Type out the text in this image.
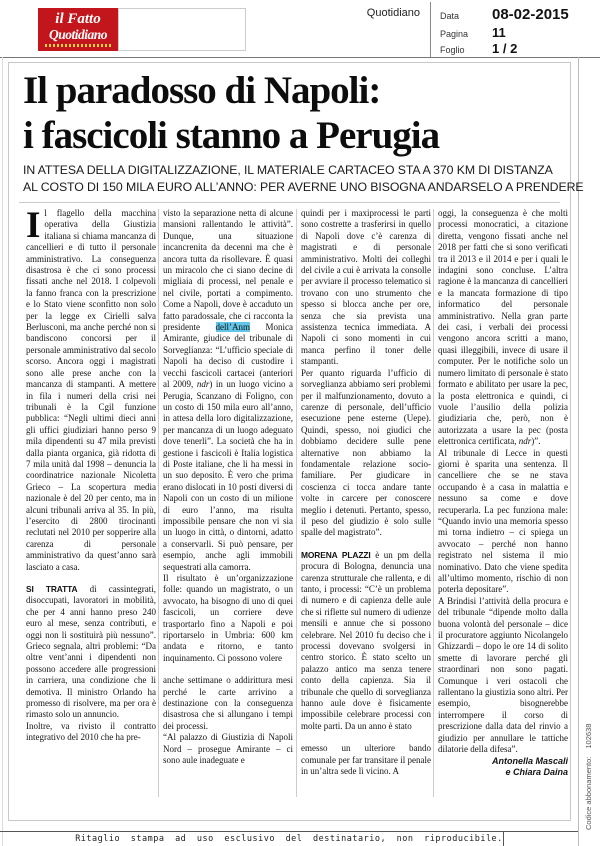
il Fatto
Quotidiano
Quotidiano Data 08-02-2015
Pagina 11
Foglio 1 / 2
Il paradosso di Napoli:
i fascicoli stanno a Perugia
IN ATTESA DELLA DIGITALIZZAZIONE, IL MATERIALE CARTACEO STA A 370 KM DI DISTANZA
AL COSTO DI 150 MILA EURO ALL’ANNO: PER AVERNE UNO BISOGNA ANDARSELO A PRENDERE

Il flagello della macchina operativa della Giustizia italiana si chiama mancanza di cancellieri e di tutto il personale amministrativo. La conseguenza disastrosa è che ci sono processi fissati anche nel 2018. I colpevoli la fanno franca con la prescrizione e lo Stato viene sconfitto non solo per la legge ex Cirielli salva Berlusconi, ma anche perché non si bandiscono concorsi per il personale amministrativo dal secolo scorso. Ancora oggi i magistrati sono alle prese anche con la mancanza di stampanti. A mettere in fila i numeri della crisi nei tribunali è la Cgil funzione pubblica: “Negli ultimi dieci anni gli uffici giudiziari hanno perso 9 mila dipendenti su 47 mila previsti dalla pianta organica, già ridotta di 7 mila unità dal 1998 – denuncia la coordinatrice nazionale Nicoletta Grieco – La scopertura media nazionale è del 20 per cento, ma in alcuni tribunali arriva al 35. In più, l’esercito di 2800 tirocinanti reclutati nel 2010 per sopperire alla carenza di personale amministrativo da quest’anno sarà lasciato a casa.

SI TRATTA di cassintegrati, disoccupati, lavoratori in mobilità, che per 4 anni hanno preso 240 euro al mese, senza contributi, e oggi non li sostituirà più nessuno”. Grieco segnala, altri problemi: “Da oltre vent’anni i dipendenti non possono accedere alle progressioni in carriera, una condizione che li demotiva. Il ministro Orlando ha promesso di risolvere, ma per ora è rimasto solo un annuncio.

Inoltre, va rivisto il contratto integrativo del 2010 che ha pre-

visto la separazione netta di alcune mansioni rallentando le attività”. Dunque, una situazione incancrenita da decenni ma che è ancora tutta da risollevare. È quasi un miracolo che ci siano decine di migliaia di processi, nel penale e nel civile, portati a compimento. Come a Napoli, dove è accaduto un fatto paradossale, che ci racconta la presidente dell’Anm Monica Amirante, giudice del tribunale di Sorveglianza: “L’ufficio speciale di Napoli ha deciso di custodire i vecchi fascicoli cartacei (anteriori al 2009, ndr) in un luogo vicino a Perugia, Scanzano di Foligno, con un costo di 150 mila euro all’anno, in attesa della loro digitalizzazione, per mancanza di un luogo adeguato dove tenerli”. La società che ha in gestione i fascicoli è Italia logistica di Poste italiane, che li ha messi in un suo deposito. È vero che prima erano dislocati in 10 posti diversi di Napoli con un costo di un milione di euro l’anno, ma risulta impossibile pensare che non vi sia un luogo in città, o dintorni, adatto a conservarli. Si può pensare, per esempio, anche agli immobili sequestrati alla camorra.

Il risultato è un’organizzazione folle: quando un magistrato, o un avvocato, ha bisogno di uno di quei fascicoli, un corriere deve trasportarlo fino a Napoli e poi riportarselo in Umbria: 600 km andata e ritorno, e tanto inquinamento. Ci possono volere

anche settimane o addirittura mesi perché le carte arrivino a destinazione con la conseguenza disastrosa che si allungano i tempi dei processi.

“Al palazzo di Giustizia di Napoli Nord – prosegue Amirante – ci sono aule inadeguate e

quindi per i maxiprocessi le parti sono costrette a trasferirsi in quello di Napoli dove c’è carenza di magistrati e di personale amministrativo. Molti dei colleghi del civile a cui è arrivata la consolle per avviare il processo telematico si trovano con uno strumento che spesso si blocca anche per ore, senza che sia prevista una assistenza tecnica immediata. A Napoli ci sono momenti in cui manca perfino il toner delle stampanti.

Per quanto riguarda l’ufficio di sorveglianza abbiamo seri problemi per il malfunzionamento, dovuto a carenze di personale, dell’ufficio esecuzione pene esterne (Uepe). Quindi, spesso, noi giudici che dobbiamo decidere sulle pene alternative non abbiamo la fondamentale relazione socio-familiare. Per giudicare in coscienza ci tocca andare tante volte in carcere per conoscere meglio i detenuti. Pertanto, spesso, il peso del giudizio è solo sulle spalle del magistrato”.

MORENA PLAZZI è un pm della procura di Bologna, denuncia una carenza strutturale che rallenta, e di tanto, i processi: “C’è un problema di numero e di capienza delle aule che si riflette sul numero di udienze mensili e annue che si possono celebrare. Nel 2010 fu deciso che i processi dovevano svolgersi in centro storico. È stato scelto un palazzo antico ma senza tenere conto della capienza. Sia il tribunale che quello di sorveglianza hanno aule dove è fisicamente impossibile celebrare processi con molte parti. Da un anno è stato

emesso un ulteriore bando comunale per far transitare il penale in un’altra sede lì vicino. A

oggi, la conseguenza è che molti processi monocratici, a citazione diretta, vengono fissati anche nel 2018 per fatti che si sono verificati tra il 2013 e il 2014 e per i quali le indagini sono concluse. L’altra ragione è la mancanza di cancellieri e la mancata formazione di tipo informatico del personale amministrativo. Nella gran parte dei casi, i verbali dei processi vengono ancora scritti a mano, quasi illeggibili, invece di usare il computer. Per le notifiche solo un numero limitato di personale è stato formato e abilitato per usare la pec, la posta elettronica e quindi, ci vuole l’ausilio della polizia giudiziaria che, però, non è autorizzata a usare la pec (posta elettronica certificata, ndr)”.

Al tribunale di Lecce in questi giorni è sparita una sentenza. Il cancelliere che se ne stava occupando è a casa in malattia e nessuno sa come e dove recuperarla. La pec funziona male: “Quando invio una memoria spesso mi torna indietro – ci spiega un avvocato – perché non hanno registrato nel sistema il mio nominativo. Dato che viene spedita all’ultimo momento, rischio di non poterla depositare”.

A Brindisi l’attività della procura e del tribunale “dipende molto dalla buona volontà del personale – dice il procuratore aggiunto Nicolangelo Ghizzardi – dopo le ore 14 di solito smette di lavorare perché gli straordinari non sono pagati. Comunque i veri ostacoli che rallentano la giustizia sono altri. Per esempio, bisognerebbe interrompere il corso di prescrizione dalla data del rinvio a giudizio per annullare le tattiche dilatorie della difesa”.

Antonella Mascali

e Chiara Daina

Ritaglio stampa ad uso esclusivo del destinatario, non riproducibile.
Codice abbonamento:102638
